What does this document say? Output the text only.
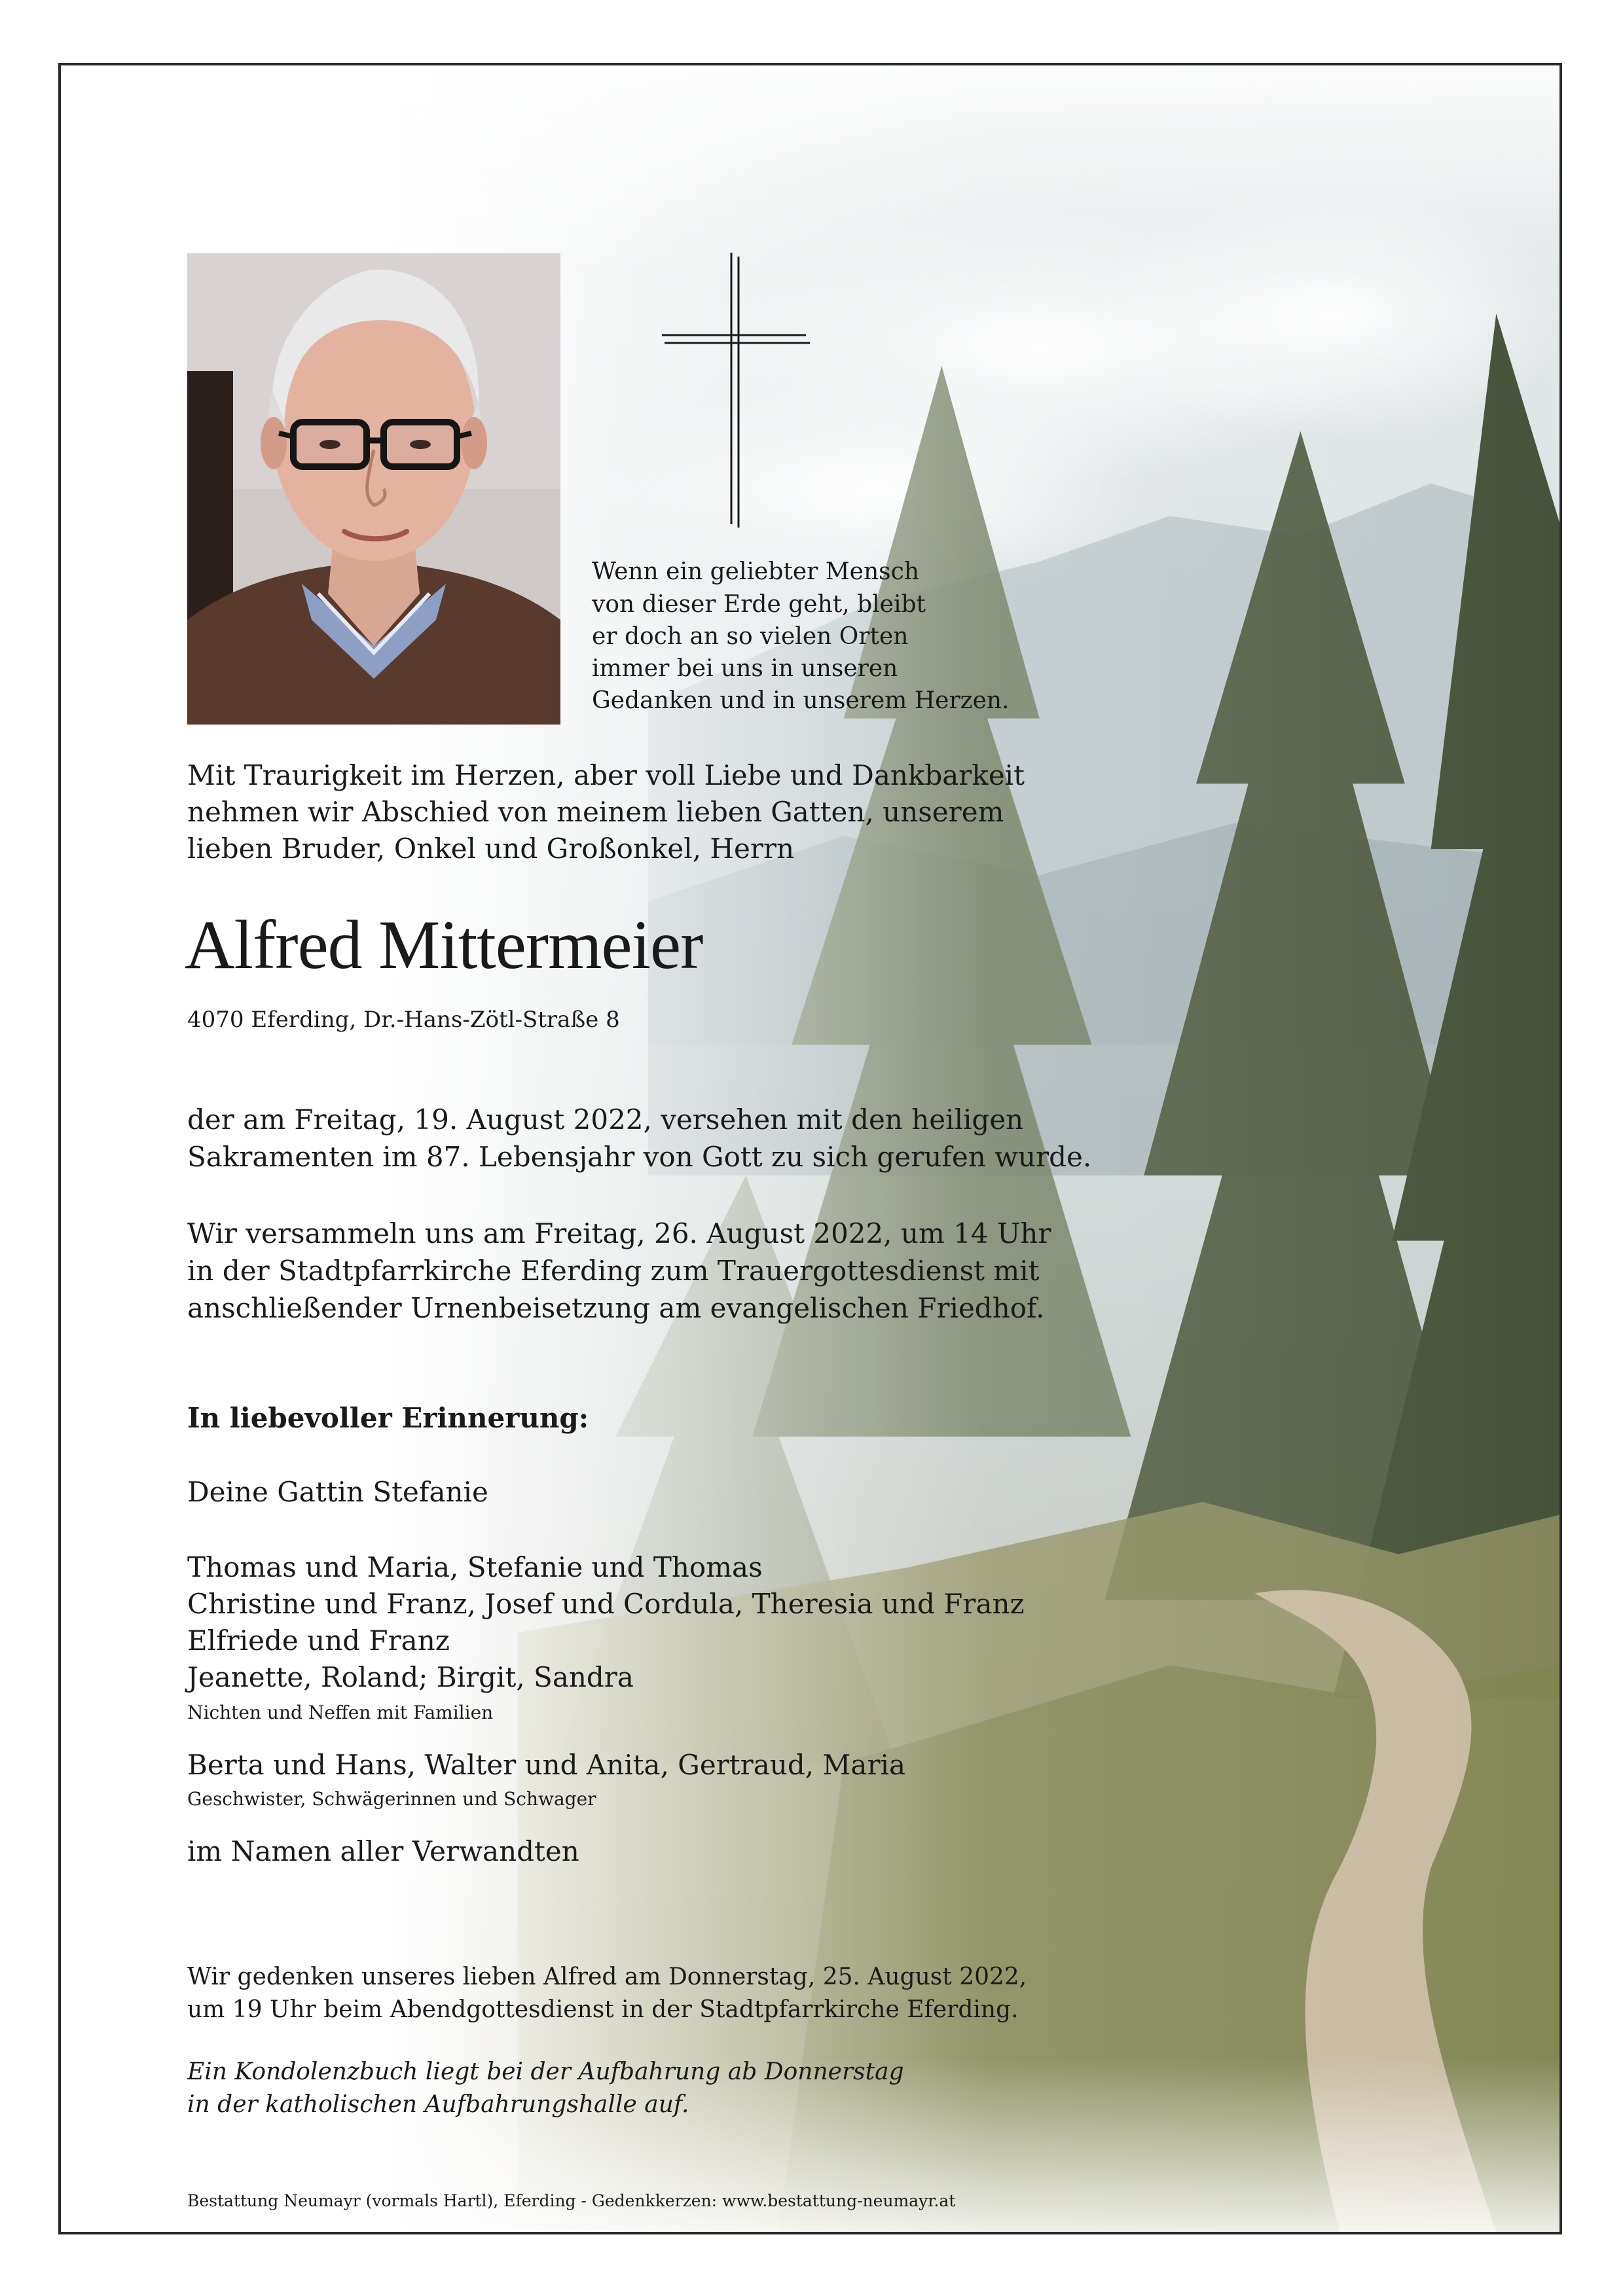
Wenn ein geliebter Mensch

von dieser Erde geht, bleibt

er doch an so vielen Orten

immer bei uns in unseren

Gedanken und in unserem Herzen.

Mit Traurigkeit im Herzen, aber voll Liebe und Dankbarkeit

nehmen wir Abschied von meinem lieben Gatten, unserem

lieben Bruder, Onkel und Großonkel, Herrn

Alfred Mittermeier

4070 Eferding, Dr.-Hans-Zötl-Straße 8

der am Freitag, 19. August 2022, versehen mit den heiligen

Sakramenten im 87. Lebensjahr von Gott zu sich gerufen wurde.

Wir versammeln uns am Freitag, 26. August 2022, um 14 Uhr

in der Stadtpfarrkirche Eferding zum Trauergottesdienst mit

anschließender Urnenbeisetzung am evangelischen Friedhof.

In liebevoller Erinnerung:

Deine Gattin Stefanie

Thomas und Maria, Stefanie und Thomas

Christine und Franz, Josef und Cordula, Theresia und Franz

Elfriede und Franz

Jeanette, Roland; Birgit, Sandra

Nichten und Neffen mit Familien

Berta und Hans, Walter und Anita, Gertraud, Maria

Geschwister, Schwägerinnen und Schwager

im Namen aller Verwandten

Wir gedenken unseres lieben Alfred am Donnerstag, 25. August 2022,

um 19 Uhr beim Abendgottesdienst in der Stadtpfarrkirche Eferding.

Ein Kondolenzbuch liegt bei der Aufbahrung ab Donnerstag

in der katholischen Aufbahrungshalle auf.

Bestattung Neumayr (vormals Hartl), Eferding - Gedenkkerzen: www.bestattung-neumayr.at
